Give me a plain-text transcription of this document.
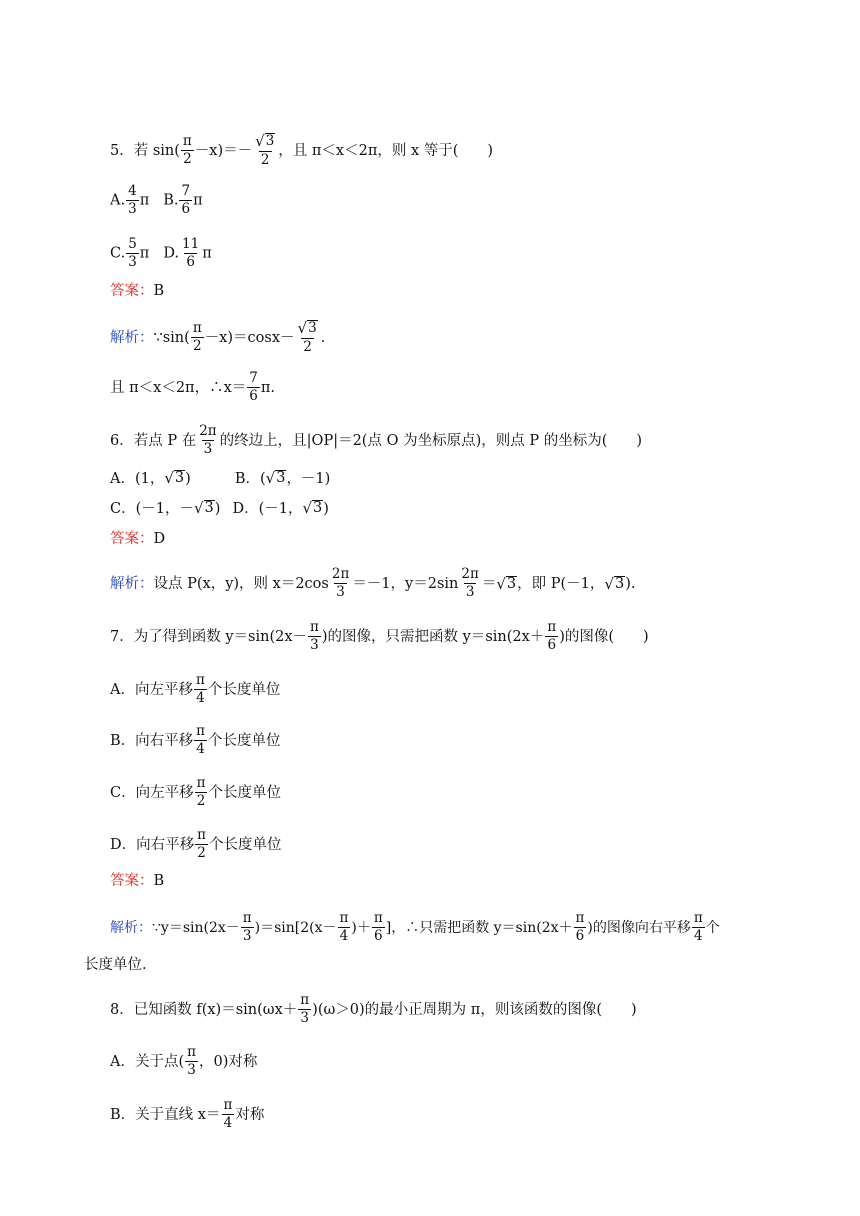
5．若 $\sin( \frac{\pi}{2} -x)=- \frac{√ 3}{2}$ ，且 π＜x＜2π，则 x 等于(　　)
A. $\frac{4}{3}$ π B. $\frac{7}{6}$ π
C. $\frac{5}{3}$ π D. $\frac{11}{6}$ π
答案： B
解析： ∵sin( $\frac{\pi}{2} -x)=\cos x- \frac{√ 3}{2}$ .
且 π＜x＜2π，∴x＝ $\frac{7}{6} \pi$.
6．若点 P 在 $\frac{2\pi}{3}$ 的终边上，且|OP|＝2(点 O 为坐标原点)，则点 P 的坐标为(　　)
A．(1， √ 3 )	B．( √ 3 ，－1)
C．(－1，－ √ 3 ) D．(－1， √ 3 )
答案： D
解析： 设点 P(x，y)，则 $x=2\cos \frac{2\pi}{3} =-1$，$y=2\sin \frac{2\pi}{3}$ ＝ √ 3 ，即 P(－1， √ 3 ).
7．为了得到函数 $y=\sin(2x- \frac{\pi}{3}$ )的图像，只需把函数 $y=\sin(2x+ \frac{\pi}{6}$ )的图像(　　)
A．向左平移 $\frac{\pi}{4}$ 个长度单位
B．向右平移 $\frac{\pi}{4}$ 个长度单位
C．向左平移 $\frac{\pi}{2}$ 个长度单位
D．向右平移 $\frac{\pi}{2}$ 个长度单位
答案： B
解析： ∵y＝sin(2x－ $\frac{\pi}{3} )=\sin[2(x- \frac{\pi}{4}$ )＋ $\frac{\pi}{6}$ ]，∴只需把函数 $y=\sin(2x+ \frac{\pi}{6}$ )的图像向右平移 $\frac{\pi}{4}$ 个
长度单位.
8．已知函数 $f(x)=\sin(\omega x+ \frac{\pi}{3} )(\omega>0)$的最小正周期为 π，则该函数的图像(　　)
A．关于点( $\frac{\pi}{3}$ ，0)对称
B．关于直线 $x= \frac{\pi}{4}$ 对称
